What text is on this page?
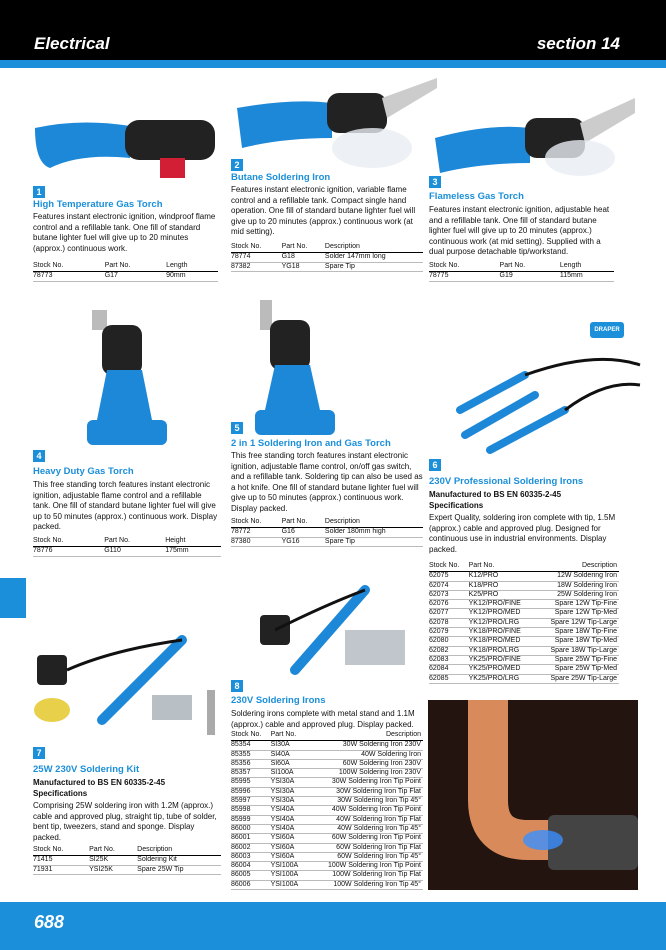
Electrical	section 14
DRAPER EXPERT
1
High Temperature Gas Torch
Features instant electronic ignition, windproof flame control and a refillable tank. One fill of standard butane lighter fuel will give up to 20 minutes (approx.) continuous work.
Stock No.	Part No.	Length
78773	G17	90mm
2
Butane Soldering Iron
Features instant electronic ignition, variable flame control and a refillable tank. Compact single hand operation. One fill of standard butane lighter fuel will give up to 20 minutes (approx.) continuous work (at mid setting).
Stock No.	Part No.	Description
78774	G18	Solder 147mm long
87382	YG18	Spare Tip
3
Flameless Gas Torch
Features instant electronic ignition, adjustable heat and a refillable tank. One fill of standard butane lighter fuel will give up to 20 minutes (approx.) continuous work (at mid setting). Supplied with a dual purpose detachable tip/workstand.
Stock No.	Part No.	Length
78775	G19	115mm
4
Heavy Duty Gas Torch
This free standing torch features instant electronic ignition, adjustable flame control and a refillable tank. One fill of standard butane lighter fuel will give up to 50 minutes (approx.) continuous work. Display packed.
Stock No.	Part No.	Height
78776	G110	175mm
5
2 in 1 Soldering Iron and Gas Torch
This free standing torch features instant electronic ignition, adjustable flame control, on/off gas switch, and a refillable tank. Soldering tip can also be used as a hot knife. One fill of standard butane lighter fuel will give up to 50 minutes (approx.) continuous work. Display packed.
Stock No.	Part No.	Description
78772	G16	Solder 180mm high
87380	YG16	Spare Tip
6
230V Professional Soldering Irons
Manufactured to BS EN 60335-2-45
Specifications
Expert Quality, soldering iron complete with tip, 1.5M (approx.) cable and approved plug. Designed for continuous use in industrial environments. Display packed.
Stock No.	Part No.	Description
62075	K12/PRO	12W Soldering Iron
62074	K18/PRO	18W Soldering Iron
62073	K25/PRO	25W Soldering Iron
62076	YK12/PRO/FINE	Spare 12W Tip-Fine
62077	YK12/PRO/MED	Spare 12W Tip-Med
62078	YK12/PRO/LRG	Spare 12W Tip-Large
62079	YK18/PRO/FINE	Spare 18W Tip-Fine
62080	YK18/PRO/MED	Spare 18W Tip-Med
62082	YK18/PRO/LRG	Spare 18W Tip-Large
62083	YK25/PRO/FINE	Spare 25W Tip-Fine
62084	YK25/PRO/MED	Spare 25W Tip-Med
62085	YK25/PRO/LRG	Spare 25W Tip-Large
7
25W 230V Soldering Kit
Manufactured to BS EN 60335-2-45
Specifications
Comprising 25W soldering iron with 1.2M (approx.) cable and approved plug, straight tip, tube of solder, bent tip, tweezers, stand and sponge. Display packed.
Stock No.	Part No.	Description
71415	SI25K	Soldering Kit
71931	YSI25K	Spare 25W Tip
8
230V Soldering Irons
Soldering irons complete with metal stand and 1.1M (approx.) cable and approved plug. Display packed.
Stock No.	Part No.	Description
85354	SI30A	30W Soldering Iron 230V
85355	SI40A	40W Soldering Iron
85356	SI60A	60W Soldering Iron 230V
85357	SI100A	100W Soldering Iron 230V
85995	YSI30A	30W Soldering Iron Tip Point
85996	YSI30A	30W Soldering Iron Tip Flat
85997	YSI30A	30W Soldering Iron Tip 45°
85998	YSI40A	40W Soldering Iron Tip Point
85999	YSI40A	40W Soldering Iron Tip Flat
86000	YSI40A	40W Soldering Iron Tip 45°
86001	YSI60A	60W Soldering Iron Tip Point
86002	YSI60A	60W Soldering Iron Tip Flat
86003	YSI60A	60W Soldering Iron Tip 45°
86004	YSI100A	100W Soldering Iron Tip Point
86005	YSI100A	100W Soldering Iron Tip Flat
86006	YSI100A	100W Soldering Iron Tip 45°
688
